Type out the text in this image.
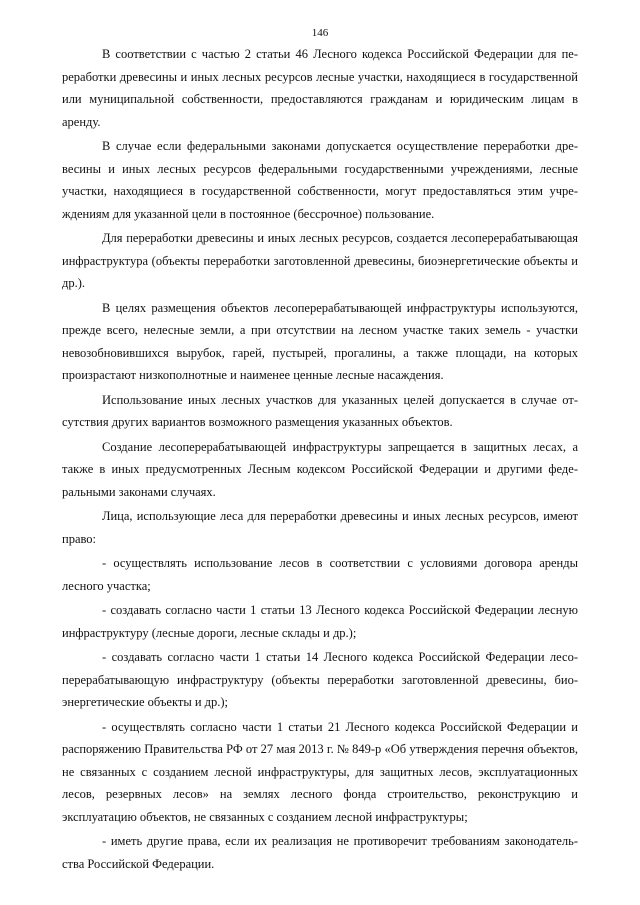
146

В соответствии с частью 2 статьи 46 Лесного кодекса Российской Федерации для переработки древесины и иных лесных ресурсов лесные участки, находящиеся в государственной или муниципальной собственности, предоставляются гражданам и юридическим лицам в аренду.

В случае если федеральными законами допускается осуществление переработки древесины и иных лесных ресурсов федеральными государственными учреждениями, лесные участки, находящиеся в государственной собственности, могут предоставляться этим учреждениям для указанной цели в постоянное (бессрочное) пользование.

Для переработки древесины и иных лесных ресурсов, создается лесоперерабатывающая инфраструктура (объекты переработки заготовленной древесины, биоэнергетические объекты и др.).

В целях размещения объектов лесоперерабатывающей инфраструктуры используются, прежде всего, нелесные земли, а при отсутствии на лесном участке таких земель - участки невозобновившихся вырубок, гарей, пустырей, прогалины, а также площади, на которых произрастают низкополнотные и наименее ценные лесные насаждения.

Использование иных лесных участков для указанных целей допускается в случае отсутствия других вариантов возможного размещения указанных объектов.

Создание лесоперерабатывающей инфраструктуры запрещается в защитных лесах, а также в иных предусмотренных Лесным кодексом Российской Федерации и другими федеральными законами случаях.

Лица, использующие леса для переработки древесины и иных лесных ресурсов, имеют право:

- осуществлять использование лесов в соответствии с условиями договора аренды лесного участка;

- создавать согласно части 1 статьи 13 Лесного кодекса Российской Федерации лесную инфраструктуру (лесные дороги, лесные склады и др.);

- создавать согласно части 1 статьи 14 Лесного кодекса Российской Федерации лесоперерабатывающую инфраструктуру (объекты переработки заготовленной древесины, биоэнергетические объекты и др.);

- осуществлять согласно части 1 статьи 21 Лесного кодекса Российской Федерации и распоряжению Правительства РФ от 27 мая 2013 г. № 849-р «Об утверждения перечня объектов, не связанных с созданием лесной инфраструктуры, для защитных лесов, эксплуатационных лесов, резервных лесов» на землях лесного фонда строительство, реконструкцию и эксплуатацию объектов, не связанных с созданием лесной инфраструктуры;

- иметь другие права, если их реализация не противоречит требованиям законодательства Российской Федерации.
